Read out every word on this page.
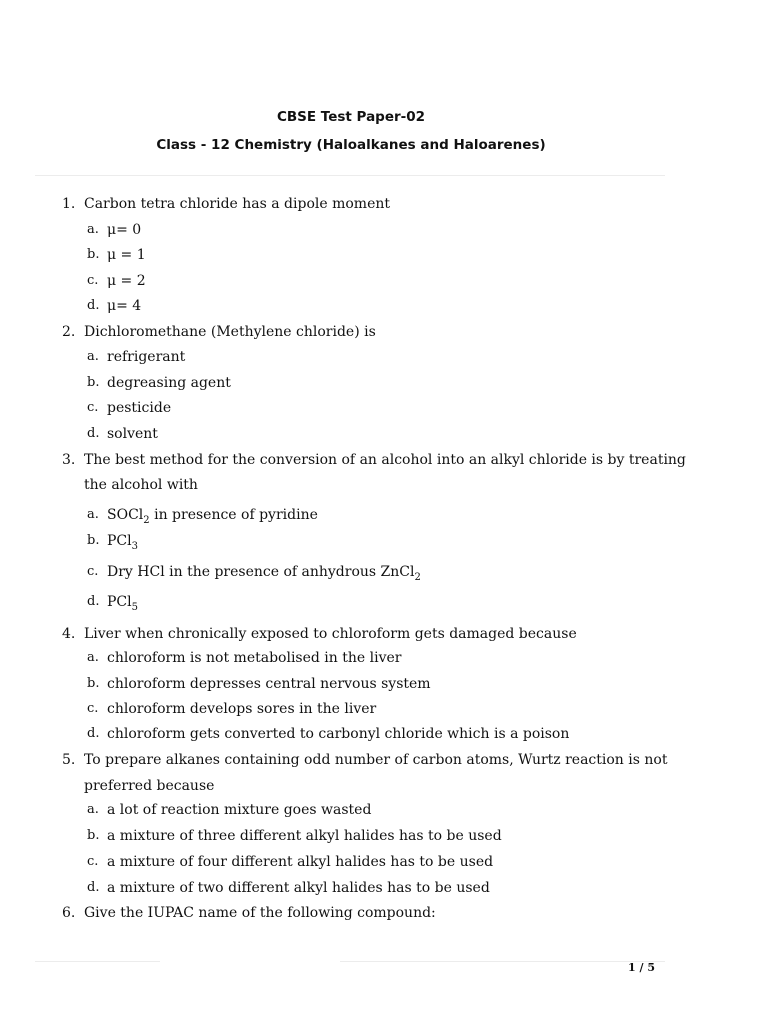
CBSE Test Paper-02
Class - 12 Chemistry (Haloalkanes and Haloarenes)
1. Carbon tetra chloride has a dipole moment
a. μ= 0
b. μ = 1
c. μ = 2
d. μ= 4
2. Dichloromethane (Methylene chloride) is
a. refrigerant
b. degreasing agent
c. pesticide
d. solvent
3. The best method for the conversion of an alcohol into an alkyl chloride is by treating
the alcohol with
a. SOCl$_2$ in presence of pyridine
b. PCl$_3$
c. Dry HCl in the presence of anhydrous ZnCl$_2$
d. PCl$_5$
4. Liver when chronically exposed to chloroform gets damaged because
a. chloroform is not metabolised in the liver
b. chloroform depresses central nervous system
c. chloroform develops sores in the liver
d. chloroform gets converted to carbonyl chloride which is a poison
5. To prepare alkanes containing odd number of carbon atoms, Wurtz reaction is not
preferred because
a. a lot of reaction mixture goes wasted
b. a mixture of three different alkyl halides has to be used
c. a mixture of four different alkyl halides has to be used
d. a mixture of two different alkyl halides has to be used
6. Give the IUPAC name of the following compound:
1 / 5
